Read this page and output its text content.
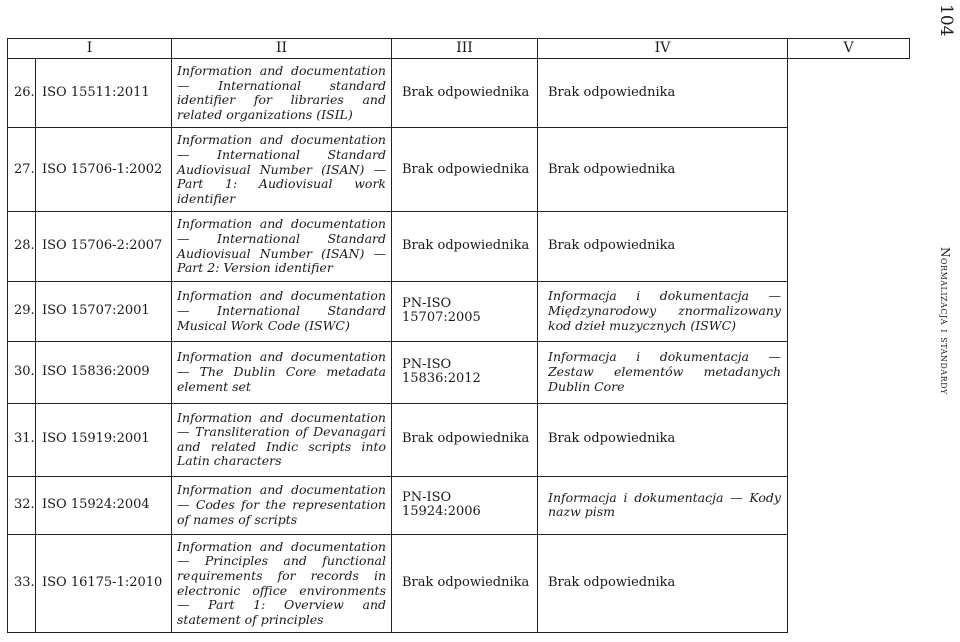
104
Normalizacja i standardy
I		II	III	IV	V
26.	ISO 15511:2011	Information and documentation — International standard identifier for libraries and related organizations (ISIL)	Brak odpowiednika	Brak odpowiednika	
27.	ISO 15706-1:2002	Information and documentation — International Standard Audiovisual Number (ISAN) — Part 1: Audiovisual work identifier	Brak odpowiednika	Brak odpowiednika	
28.	ISO 15706-2:2007	Information and documentation — International Standard Audiovisual Number (ISAN) — Part 2: Version identifier	Brak odpowiednika	Brak odpowiednika	
29.	ISO 15707:2001	Information and documentation — International Standard Musical Work Code (ISWC)	PN-ISO 15707:2005	Informacja i dokumentacja — Międzynarodowy znormalizowany kod dzieł muzycznych (ISWC)	
30.	ISO 15836:2009	Information and documentation — The Dublin Core metadata element set	PN-ISO 15836:2012	Informacja i dokumentacja — Zestaw elementów metadanych Dublin Core	
31.	ISO 15919:2001	Information and documentation — Transliteration of Devanagari and related Indic scripts into Latin characters	Brak odpowiednika	Brak odpowiednika	
32.	ISO 15924:2004	Information and documentation — Codes for the representation of names of scripts	PN-ISO 15924:2006	Informacja i dokumentacja — Kody nazw pism	
33.	ISO 16175-1:2010	Information and documentation — Principles and functional requirements for records in electronic office environments — Part 1: Overview and statement of principles	Brak odpowiednika	Brak odpowiednika	
